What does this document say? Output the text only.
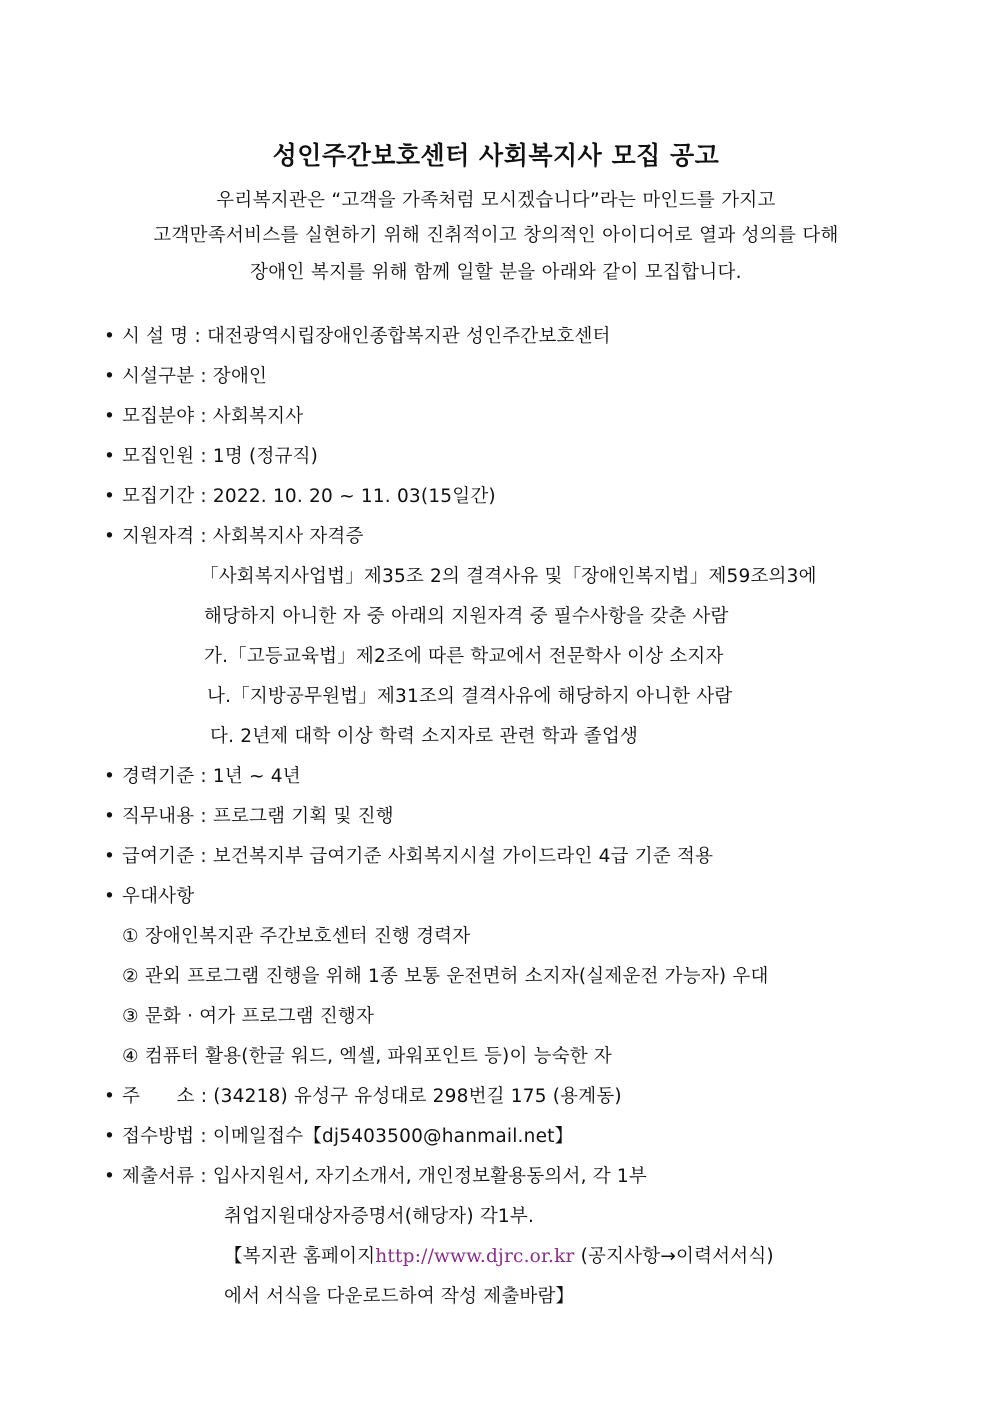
성인주간보호센터 사회복지사 모집 공고
우리복지관은 “고객을 가족처럼 모시겠습니다”라는 마인드를 가지고
고객만족서비스를 실현하기 위해 진취적이고 창의적인 아이디어로 열과 성의를 다해
장애인 복지를 위해 함께 일할 분을 아래와 같이 모집합니다.
• 시 설 명 : 대전광역시립장애인종합복지관 성인주간보호센터
• 시설구분 : 장애인
• 모집분야 : 사회복지사
• 모집인원 : 1명 (정규직)
• 모집기간 : 2022. 10. 20 ~ 11. 03(15일간)
• 지원자격 : 사회복지사 자격증
「사회복지사업법」제35조 2의 결격사유 및「장애인복지법」제59조의3에
해당하지 아니한 자 중 아래의 지원자격 중 필수사항을 갖춘 사람
가.「고등교육법」제2조에 따른 학교에서 전문학사 이상 소지자
나.「지방공무원법」제31조의 결격사유에 해당하지 아니한 사람
다. 2년제 대학 이상 학력 소지자로 관련 학과 졸업생
• 경력기준 : 1년 ~ 4년
• 직무내용 : 프로그램 기획 및 진행
• 급여기준 : 보건복지부 급여기준 사회복지시설 가이드라인 4급 기준 적용
• 우대사항
① 장애인복지관 주간보호센터 진행 경력자
② 관외 프로그램 진행을 위해 1종 보통 운전면허 소지자(실제운전 가능자) 우대
③ 문화 · 여가 프로그램 진행자
④ 컴퓨터 활용(한글 워드, 엑셀, 파워포인트 등)이 능숙한 자
• 주      소 : (34218) 유성구 유성대로 298번길 175 (용계동)
• 접수방법 : 이메일접수【dj5403500@hanmail.net】
• 제출서류 : 입사지원서, 자기소개서, 개인정보활용동의서, 각 1부
취업지원대상자증명서(해당자) 각1부.
【복지관 홈페이지http://www.djrc.or.kr (공지사항→이력서서식)
에서 서식을 다운로드하여 작성 제출바람】
